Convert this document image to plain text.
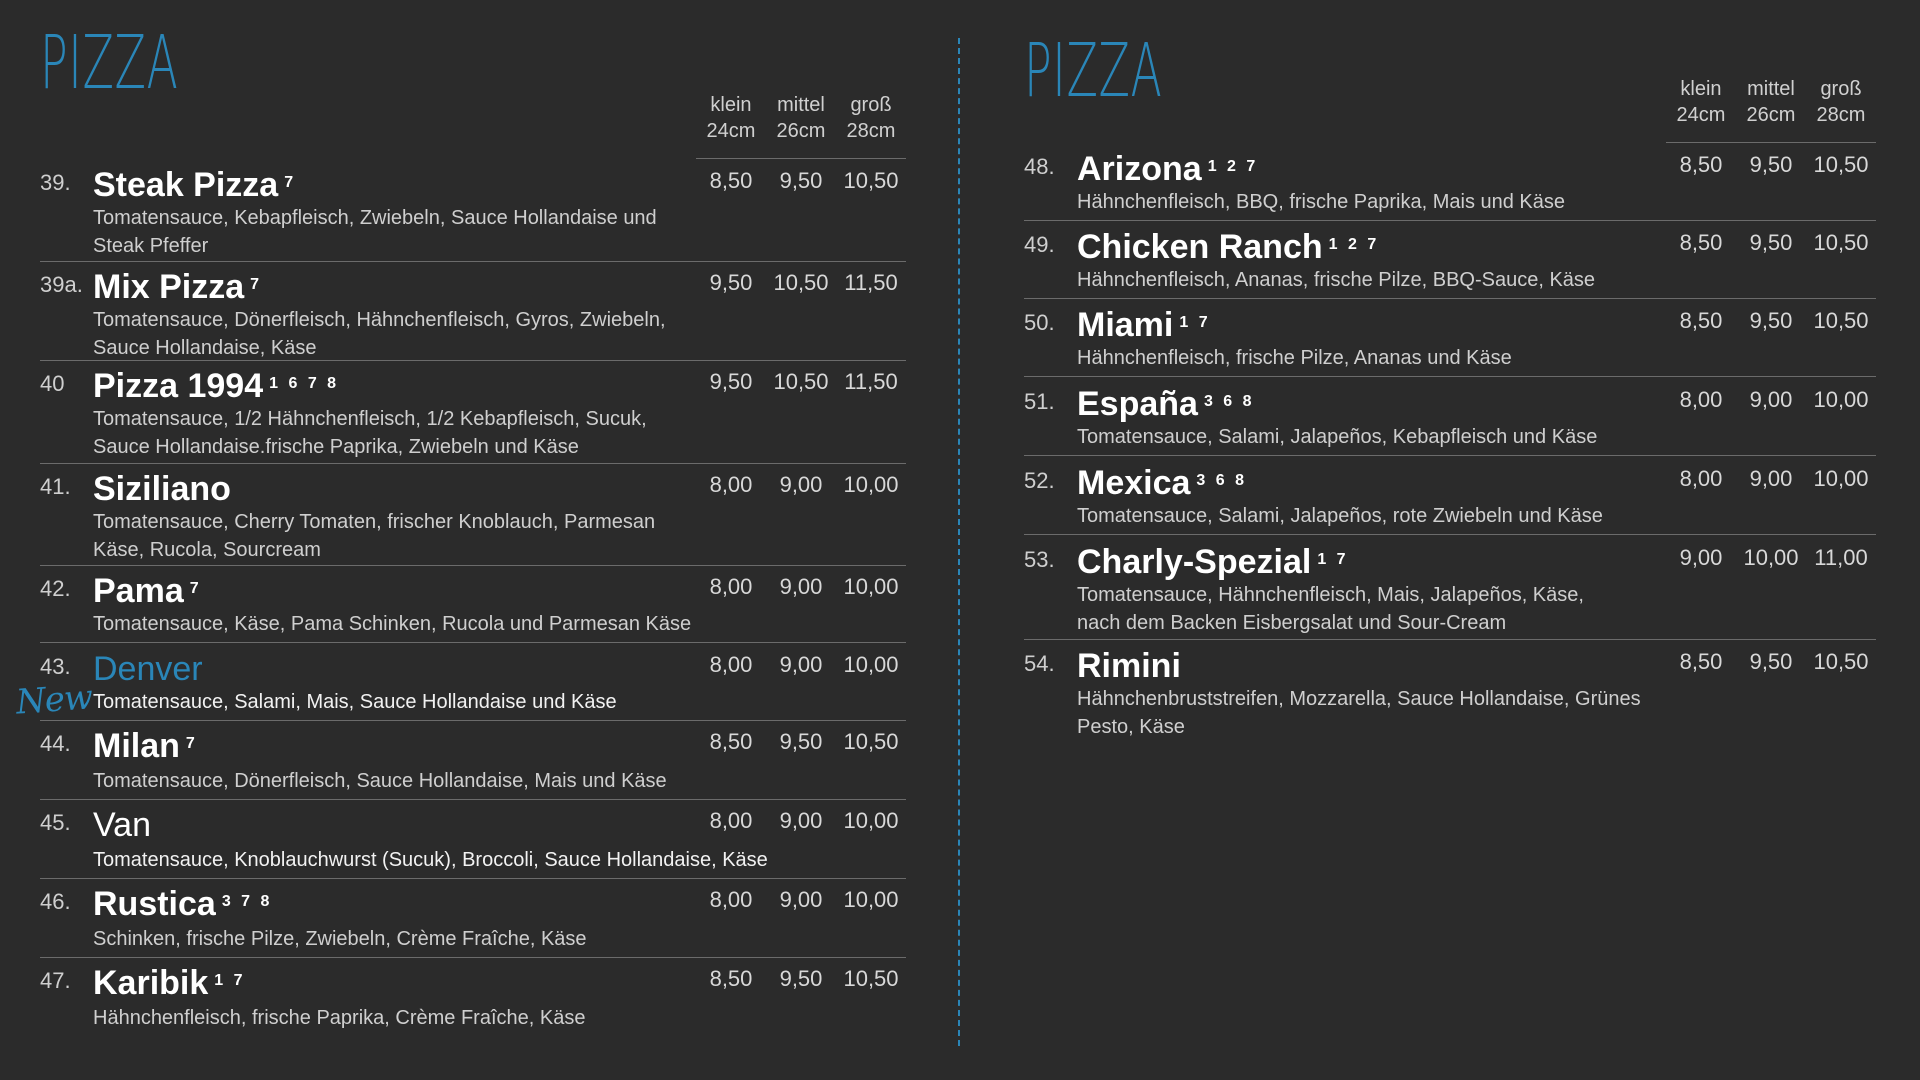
PIZZA	klein
24cm
mittel
26cm
groß
28cm
39. Steak Pizza $^7$
Tomatensauce, Kebapfleisch, Zwiebeln, Sauce Hollandaise und Steak Pfeffer
8,50	9,50 10,50
39a. Mix Pizza $^7$
Tomatensauce, Dönerfleisch, Hähnchenfleisch, Gyros, Zwiebeln, Sauce Hollandaise, Käse
9,50 10,50 11,50
40 Pizza 1994 $^{1 6 7 8}$
Tomatensauce, 1/2 Hähnchenfleisch, 1/2 Kebapfleisch, Sucuk, Sauce Hollandaise.frische Paprika, Zwiebeln und Käse
9,50 10,50 11,50
41. Siziliano
Tomatensauce, Cherry Tomaten, frischer Knoblauch, Parmesan Käse, Rucola, Sourcream
8,00	9,00 10,00
42. Pama $^7$
Tomatensauce, Käse, Pama Schinken, Rucola und Parmesan Käse
8,00	9,00 10,00
43.
New
Denver
Tomatensauce, Salami, Mais, Sauce Hollandaise und Käse
8,00	9,00 10,00
44. Milan $^7$
Tomatensauce, Dönerfleisch, Sauce Hollandaise, Mais und Käse
8,50	9,50 10,50
45. Van
Tomatensauce, Knoblauchwurst (Sucuk), Broccoli, Sauce Hollandaise, Käse
8,00	9,00 10,00
46. Rustica $^{3 7 8}$
Schinken, frische Pilze, Zwiebeln, Crème Fraîche, Käse
8,00	9,00 10,00
47. Karibik $^{1 7}$
Hähnchenfleisch, frische Paprika, Crème Fraîche, Käse
8,50	9,50 10,50
PIZZA	klein
24cm
mittel
26cm
groß
28cm
48. Arizona $^{1 2 7}$
Hähnchenfleisch, BBQ, frische Paprika, Mais und Käse
8,50	9,50 10,50
49. Chicken Ranch $^{1 2 7}$
Hähnchenfleisch, Ananas, frische Pilze, BBQ-Sauce, Käse
8,50	9,50 10,50
50. Miami $^{1 7}$
Hähnchenfleisch, frische Pilze, Ananas und Käse
8,50	9,50 10,50
51. España $^{3 6 8}$
Tomatensauce, Salami, Jalapeños, Kebapfleisch und Käse
8,00	9,00 10,00
52. Mexica $^{3 6 8}$
Tomatensauce, Salami, Jalapeños, rote Zwiebeln und Käse
8,00	9,00 10,00
53. Charly-Spezial $^{1 7}$
Tomatensauce, Hähnchenfleisch, Mais, Jalapeños, Käse, nach dem Backen Eisbergsalat und Sour-Cream
9,00 10,00 11,00
54. Rimini
Hähnchenbruststreifen, Mozzarella, Sauce Hollandaise, Grünes Pesto, Käse
8,50	9,50 10,50
